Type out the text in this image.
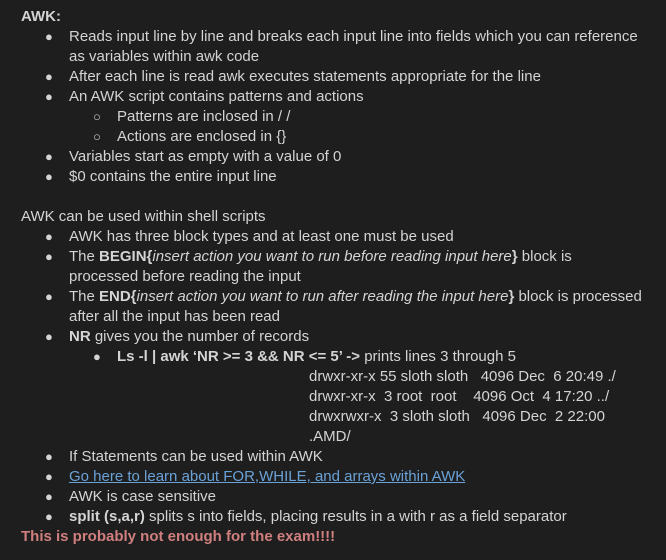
AWK:
● Reads input line by line and breaks each input line into fields which you can reference as variables within awk code
● After each line is read awk executes statements appropriate for the line
● An AWK script contains patterns and actions
○ Patterns are inclosed in / /
○ Actions are enclosed in {}
● Variables start as empty with a value of 0
● $0 contains the entire input line
AWK can be used within shell scripts
● AWK has three block types and at least one must be used
● The BEGIN{insert action you want to run before reading input here} block is processed before reading the input
● The END{insert action you want to run after reading the input here} block is processed after all the input has been read
● NR gives you the number of records
● Ls -l | awk ‘NR >= 3 && NR <= 5’ -> prints lines 3 through 5
drwxr-xr-x 55 sloth sloth   4096 Dec  6 20:49 ./
drwxr-xr-x  3 root  root    4096 Oct  4 17:20 ../
drwxrwxr-x  3 sloth sloth   4096 Dec  2 22:00
.AMD/
● If Statements can be used within AWK
● Go here to learn about FOR,WHILE, and arrays within AWK
● AWK is case sensitive
● split (s,a,r) splits s into fields, placing results in a with r as a field separator
This is probably not enough for the exam!!!!
